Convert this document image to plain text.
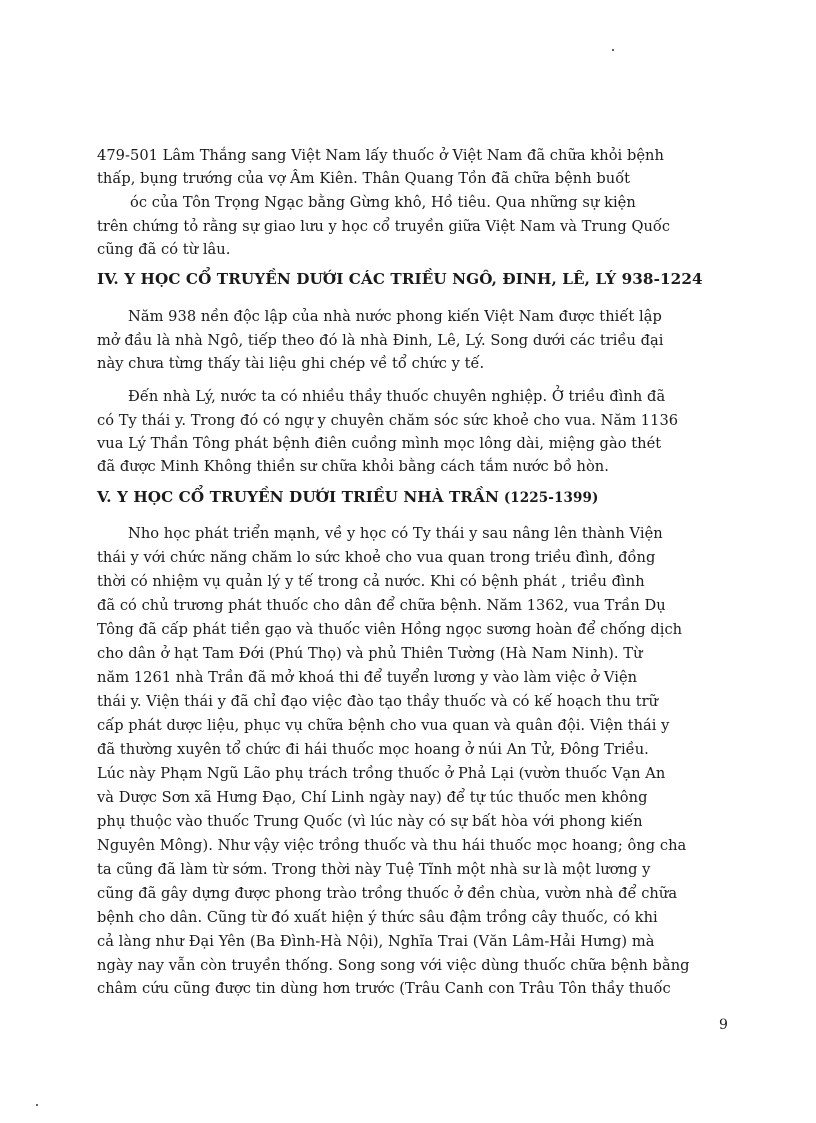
479-501 Lâm Thắng sang Việt Nam lấy thuốc ở Việt Nam đã chữa khỏi bệnh
thấp, bụng trướng của vợ Âm Kiên. Thân Quang Tồn đã chữa bệnh buốt
óc của Tôn Trọng Ngạc bằng Gừng khô, Hồ tiêu. Qua những sự kiện
trên chứng tỏ rằng sự giao lưu y học cổ truyền giữa Việt Nam và Trung Quốc
cũng đã có từ lâu.
IV. Y HỌC CỔ TRUYỀN DƯỚI CÁC TRIỀU NGÔ, ĐINH, LÊ, LÝ 938-1224
Năm 938 nền độc lập của nhà nước phong kiến Việt Nam được thiết lập
mở đầu là nhà Ngô, tiếp theo đó là nhà Đinh, Lê, Lý. Song dưới các triều đại
này chưa từng thấy tài liệu ghi chép về tổ chức y tế.
Đến nhà Lý, nước ta có nhiều thầy thuốc chuyên nghiệp. Ở triều đình đã
có Ty thái y. Trong đó có ngự y chuyên chăm sóc sức khoẻ cho vua. Năm 1136
vua Lý Thần Tông phát bệnh điên cuồng mình mọc lông dài, miệng gào thét
đã được Minh Không thiền sư chữa khỏi bằng cách tắm nước bồ hòn.
V. Y HỌC CỔ TRUYỀN DƯỚI TRIỀU NHÀ TRẦN (1225-1399)
Nho học phát triển mạnh, về y học có Ty thái y sau nâng lên thành Viện
thái y với chức năng chăm lo sức khoẻ cho vua quan trong triều đình, đồng
thời có nhiệm vụ quản lý y tế trong cả nước. Khi có bệnh phát , triều đình
đã có chủ trương phát thuốc cho dân để chữa bệnh. Năm 1362, vua Trần Dụ
Tông đã cấp phát tiền gạo và thuốc viên Hồng ngọc sương hoàn để chống dịch
cho dân ở hạt Tam Đới (Phú Thọ) và phủ Thiên Tường (Hà Nam Ninh). Từ
năm 1261 nhà Trần đã mở khoá thi để tuyển lương y vào làm việc ở Viện
thái y. Viện thái y đã chỉ đạo việc đào tạo thầy thuốc và có kế hoạch thu trữ
cấp phát dược liệu, phục vụ chữa bệnh cho vua quan và quân đội. Viện thái y
đã thường xuyên tổ chức đi hái thuốc mọc hoang ở núi An Tử, Đông Triều.
Lúc này Phạm Ngũ Lão phụ trách trồng thuốc ở Phả Lại (vườn thuốc Vạn An
và Dược Sơn xã Hưng Đạo, Chí Linh ngày nay) để tự túc thuốc men không
phụ thuộc vào thuốc Trung Quốc (vì lúc này có sự bất hòa với phong kiến
Nguyên Mông). Như vậy việc trồng thuốc và thu hái thuốc mọc hoang; ông cha
ta cũng đã làm từ sớm. Trong thời này Tuệ Tĩnh một nhà sư là một lương y
cũng đã gây dựng được phong trào trồng thuốc ở đền chùa, vườn nhà để chữa
bệnh cho dân. Cũng từ đó xuất hiện ý thức sâu đậm trồng cây thuốc, có khi
cả làng như Đại Yên (Ba Đình-Hà Nội), Nghĩa Trai (Văn Lâm-Hải Hưng) mà
ngày nay vẫn còn truyền thống. Song song với việc dùng thuốc chữa bệnh bằng
châm cứu cũng được tin dùng hơn trước (Trâu Canh con Trâu Tôn thầy thuốc
9
